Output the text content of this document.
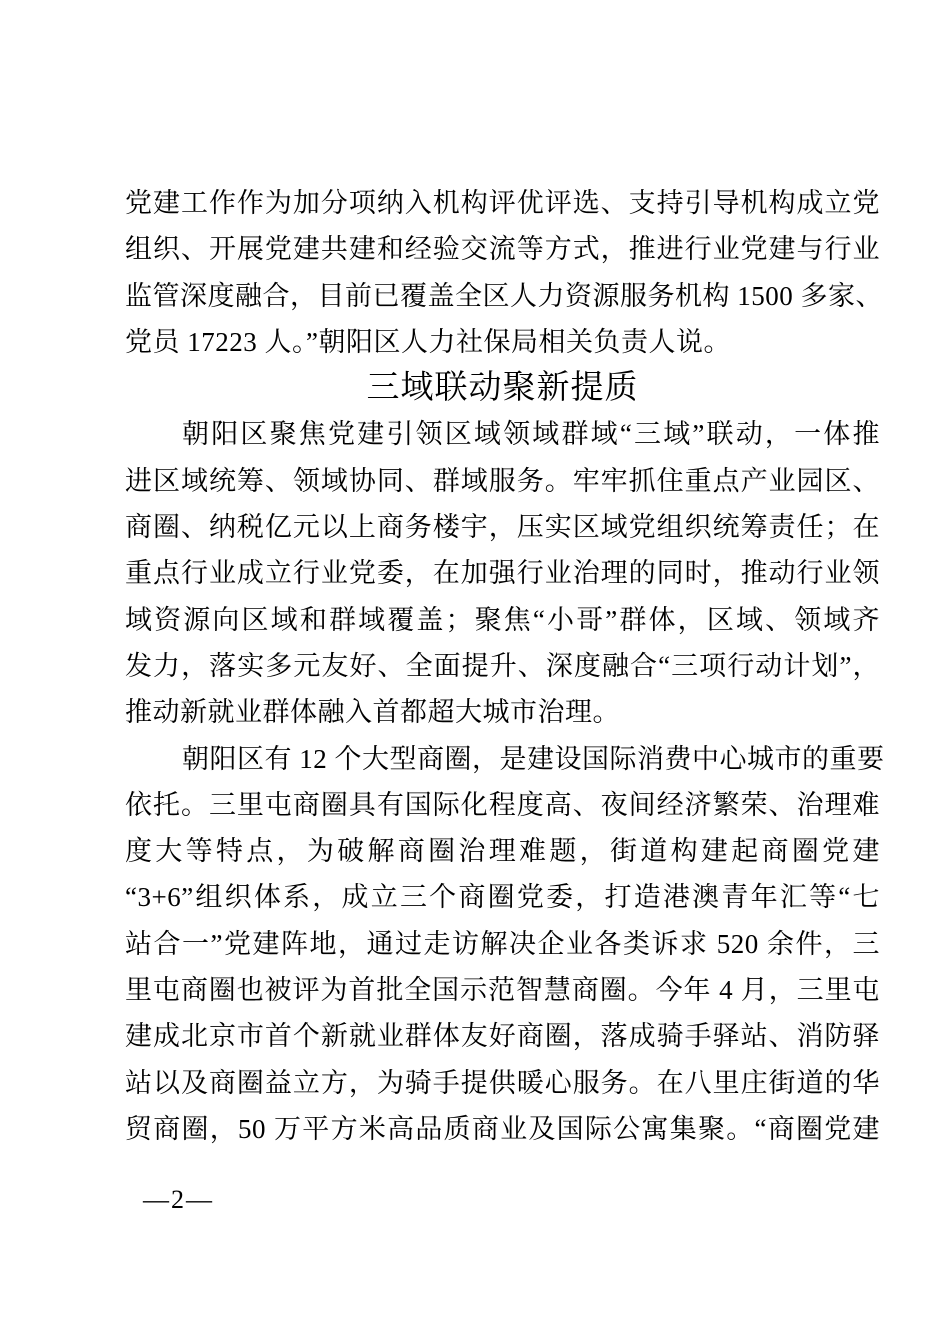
党建工作作为加分项纳入机构评优评选、支持引导机构成立党
组织、开展党建共建和经验交流等方式，推进行业党建与行业
监管深度融合，目前已覆盖全区人力资源服务机构 1500 多家、
党员 17223 人。”朝阳区人力社保局相关负责人说。
三域联动聚新提质
朝阳区聚焦党建引领区域领域群域“三域”联动，一体推
进区域统筹、领域协同、群域服务。牢牢抓住重点产业园区、
商圈、纳税亿元以上商务楼宇，压实区域党组织统筹责任；在
重点行业成立行业党委，在加强行业治理的同时，推动行业领
域资源向区域和群域覆盖；聚焦“小哥”群体，区域、领域齐
发力，落实多元友好、全面提升、深度融合“三项行动计划”，
推动新就业群体融入首都超大城市治理。
朝阳区有 12 个大型商圈，是建设国际消费中心城市的重要
依托。三里屯商圈具有国际化程度高、夜间经济繁荣、治理难
度大等特点，为破解商圈治理难题，街道构建起商圈党建
“3+6”组织体系，成立三个商圈党委，打造港澳青年汇等“七
站合一”党建阵地，通过走访解决企业各类诉求 520 余件，三
里屯商圈也被评为首批全国示范智慧商圈。今年 4 月，三里屯
建成北京市首个新就业群体友好商圈，落成骑手驿站、消防驿
站以及商圈益立方，为骑手提供暖心服务。在八里庄街道的华
贸商圈，50 万平方米高品质商业及国际公寓集聚。“商圈党建
—2—
